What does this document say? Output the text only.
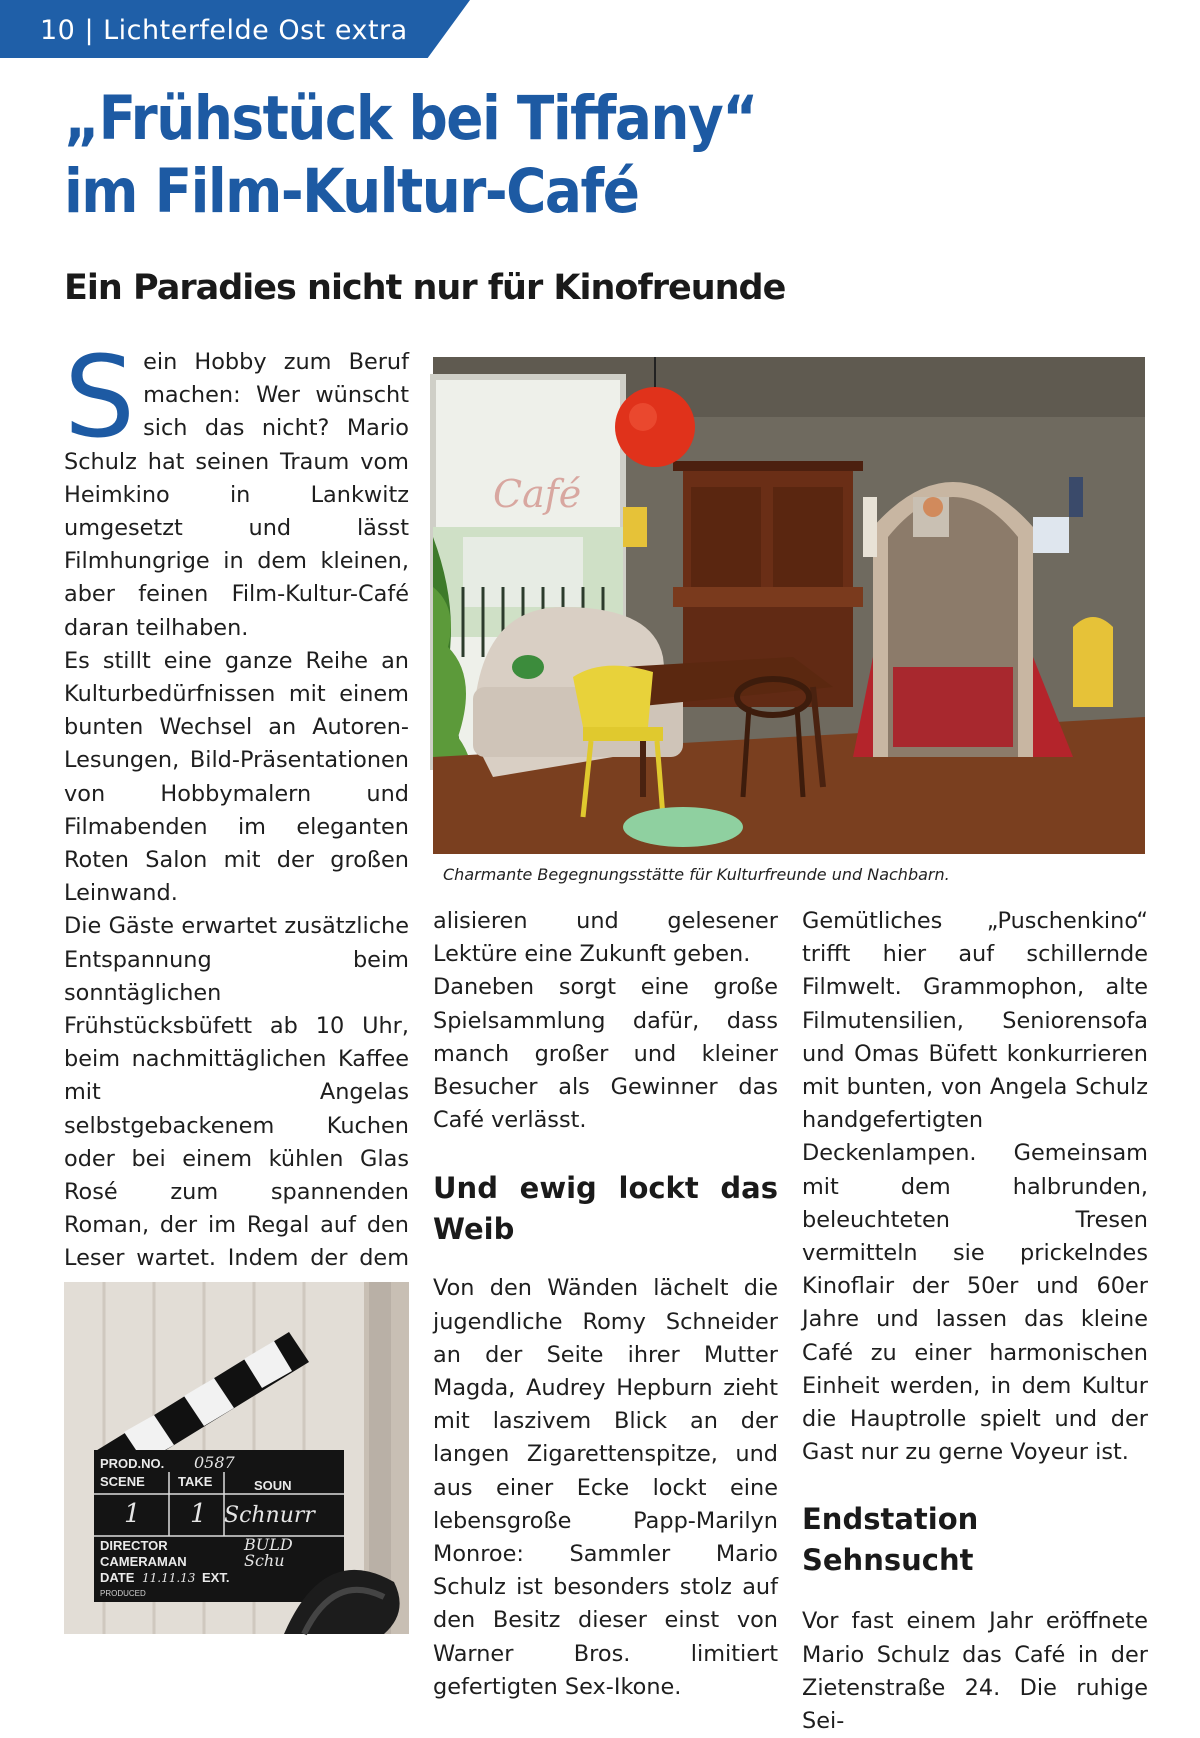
10 | Lichterfelde Ost extra
„Frühstück bei Tiffany“
im Film-Kultur-Café
Ein Paradies nicht nur für Kinofreunde
S ein Hobby zum Beruf machen: Wer wünscht sich das nicht? Mario Schulz hat seinen Traum vom Heimkino in Lankwitz umgesetzt und lässt Filmhungrige in dem kleinen, aber feinen Film-Kultur-Café daran teilhaben.

Es stillt eine ganze Reihe an Kulturbedürfnissen mit einem bunten Wechsel an Autoren-Lesungen, Bild-Präsentationen von Hobbymalern und Filmabenden im eleganten Roten Salon mit der großen Leinwand.

Die Gäste erwartet zusätzliche Entspannung beim sonntäglichen Frühstücksbüfett ab 10 Uhr, beim nachmittäglichen Kaffee mit Angelas selbstgebackenem Kuchen oder bei einem kühlen Glas Rosé zum spannenden Roman, der im Regal auf den Leser wartet. Indem der dem

Café
Charmante Begegnungsstätte für Kulturfreunde und Nachbarn.

alisieren und gelesener Lektüre eine Zukunft geben.

Daneben sorgt eine große Spielsammlung dafür, dass manch großer und kleiner Besucher als Gewinner das Café verlässt.

Und ewig lockt das Weib

Von den Wänden lächelt die jugendliche Romy Schneider an der Seite ihrer Mutter Magda, Audrey Hepburn zieht mit laszivem Blick an der langen Zigarettenspitze, und aus einer Ecke lockt eine lebensgroße Papp-Marilyn Monroe: Sammler Mario Schulz ist besonders stolz auf den Besitz dieser einst von Warner Bros. limitiert gefertigten Sex-Ikone.

Gemütliches „Puschenkino“ trifft hier auf schillernde Filmwelt. Grammophon, alte Filmutensilien, Seniorensofa und Omas Büfett konkurrieren mit bunten, von Angela Schulz handgefertigten Deckenlampen. Gemeinsam mit dem halbrunden, beleuchteten Tresen vermitteln sie prickelndes Kinoflair der 50er und 60er Jahre und lassen das kleine Café zu einer harmonischen Einheit werden, in dem Kultur die Hauptrolle spielt und der Gast nur zu gerne Voyeur ist.

Endstation Sehnsucht

Vor fast einem Jahr eröffnete Mario Schulz das Café in der Zietenstraße 24. Die ruhige Sei-

PROD.NO.
SCENE	TAKE	SOUN
DIRECTOR
CAMERAMAN
DATE	EXT.
PRODUCED
0587
1 1 Schnurr
BULD
Schu
11.11.13
